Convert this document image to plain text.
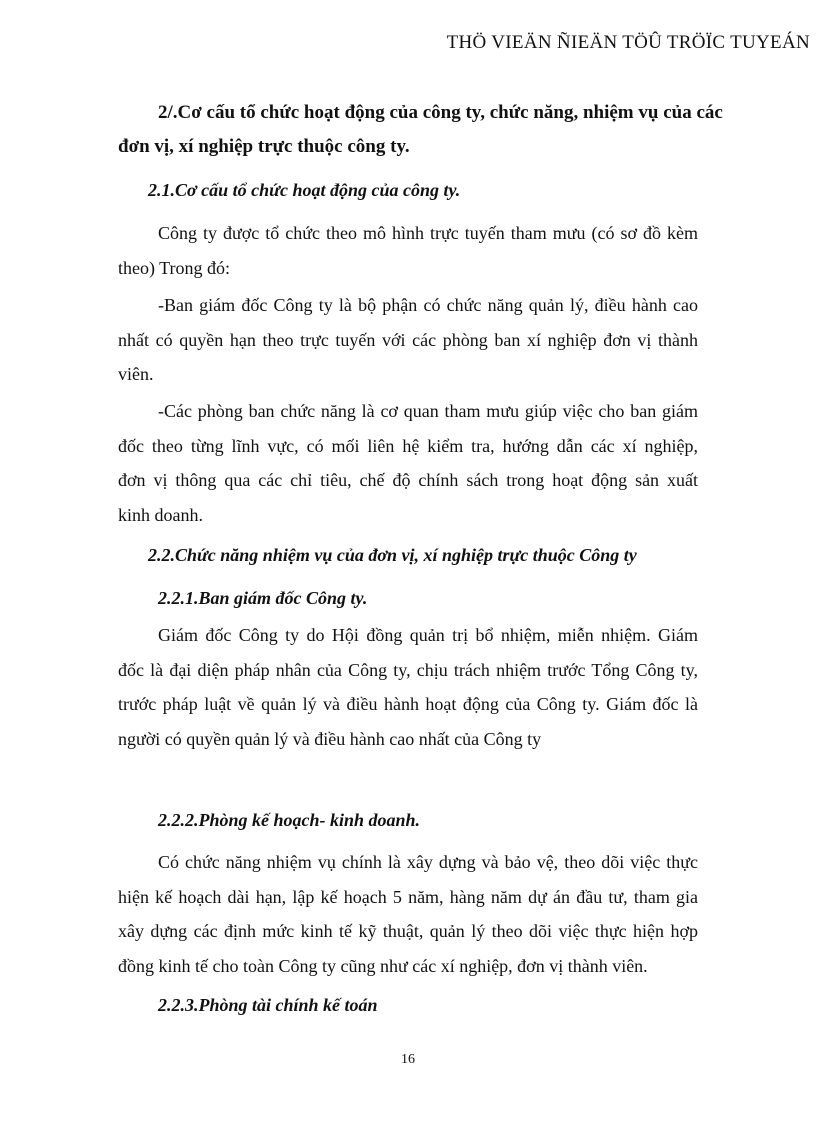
THÖ VIEÄN ÑIEÄN TÖÛ TRÖÏC TUYEÁN
2/.Cơ cấu tổ chức hoạt động của công ty, chức năng, nhiệm vụ của các
đơn vị, xí nghiệp trực thuộc công ty.
2.1.Cơ cấu tổ chức hoạt động của công ty.
Công ty được tổ chức theo mô hình trực tuyến tham mưu (có sơ đồ kèm
theo) Trong đó:
-Ban giám đốc Công ty là bộ phận có chức năng quản lý, điều hành cao
nhất có quyền hạn theo trực tuyến với các phòng ban xí nghiệp đơn vị thành
viên.
-Các phòng ban chức năng là cơ quan tham mưu giúp việc cho ban giám
đốc theo từng lĩnh vực, có mối liên hệ kiểm tra, hướng dẫn các xí nghiệp,
đơn vị thông qua các chỉ tiêu, chế độ chính sách trong hoạt động sản xuất
kinh doanh.
2.2.Chức năng nhiệm vụ của đơn vị, xí nghiệp trực thuộc Công ty
2.2.1.Ban giám đốc Công ty.
Giám đốc Công ty do Hội đồng quản trị bổ nhiệm, miễn nhiệm. Giám
đốc là đại diện pháp nhân của Công ty, chịu trách nhiệm trước Tổng Công ty,
trước pháp luật về quản lý và điều hành hoạt động của Công ty. Giám đốc là
người có quyền quản lý và điều hành cao nhất của Công ty
2.2.2.Phòng kế hoạch- kinh doanh.
Có chức năng nhiệm vụ chính là xây dựng và bảo vệ, theo dõi việc thực
hiện kế hoạch dài hạn, lập kế hoạch 5 năm, hàng năm dự án đầu tư, tham gia
xây dựng các định mức kinh tế kỹ thuật, quản lý theo dõi việc thực hiện hợp
đồng kinh tế cho toàn Công ty cũng như các xí nghiệp, đơn vị thành viên.
2.2.3.Phòng tài chính kế toán
16
